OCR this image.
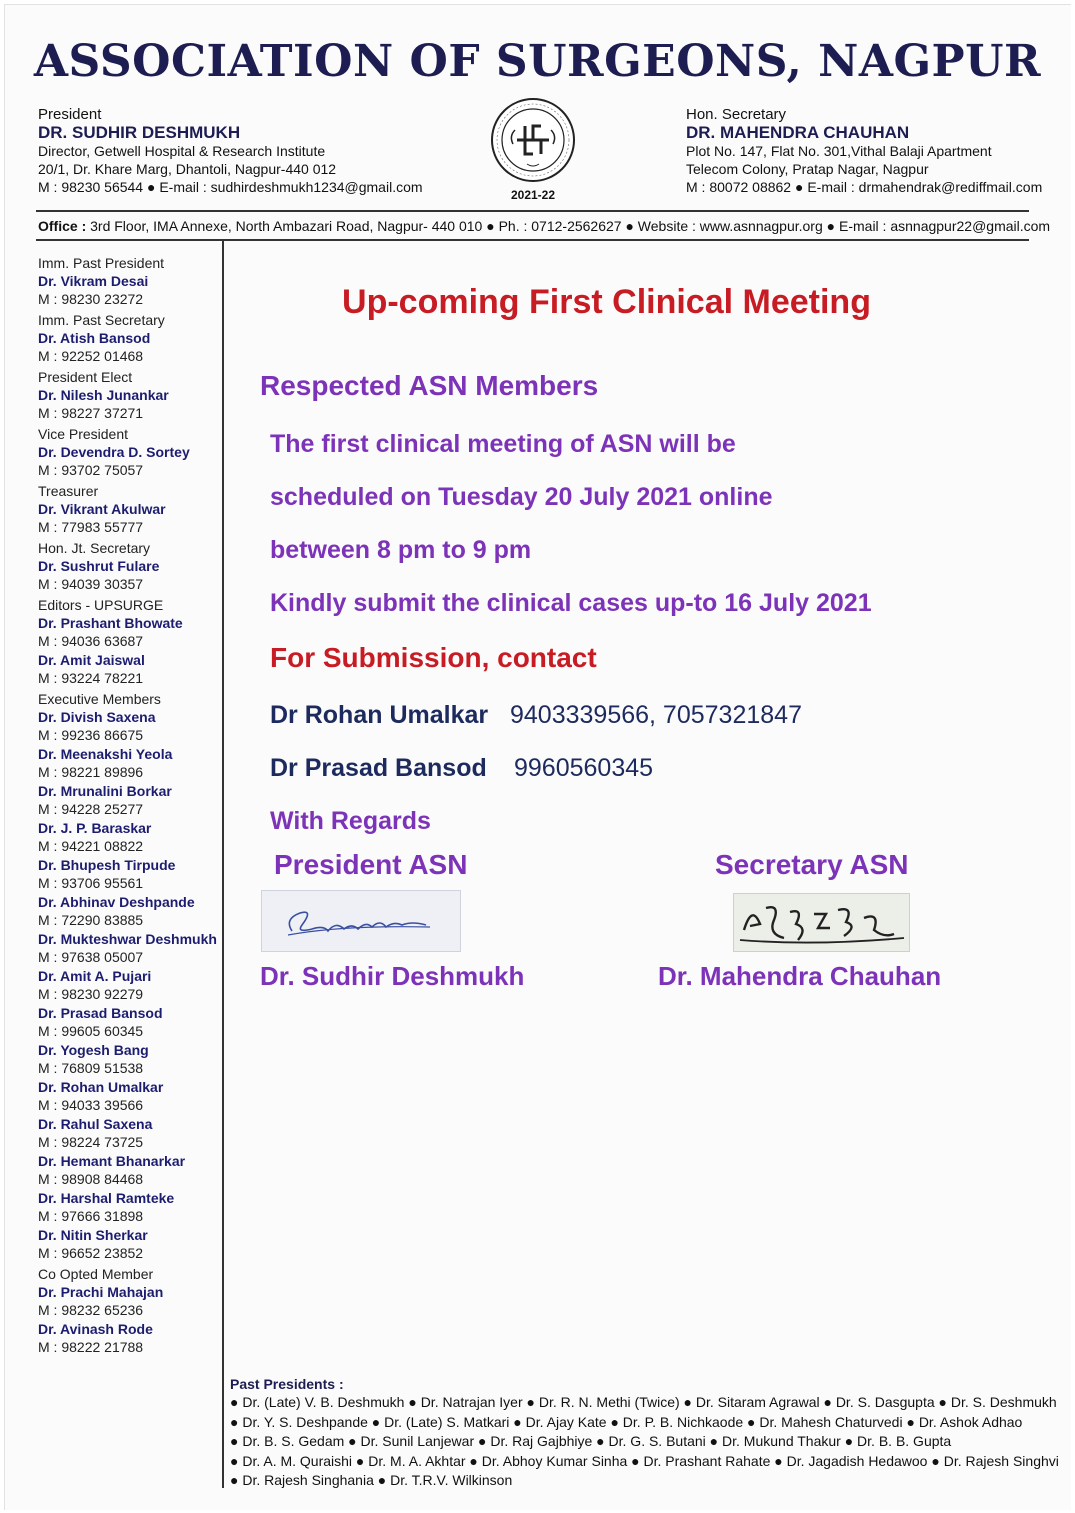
ASSOCIATION OF SURGEONS, NAGPUR
President
DR. SUDHIR DESHMUKH
Director, Getwell Hospital & Research Institute
20/1, Dr. Khare Marg, Dhantoli, Nagpur-440 012
M : 98230 56544 ● E-mail : sudhirdeshmukh1234@gmail.com	2021-22
Hon. Secretary
DR. MAHENDRA CHAUHAN
Plot No. 147, Flat No. 301,Vithal Balaji Apartment
Telecom Colony, Pratap Nagar, Nagpur
M : 80072 08862 ● E-mail : drmahendrak@rediffmail.com
Office : 3rd Floor, IMA Annexe, North Ambazari Road, Nagpur- 440 010 ● Ph. : 0712-2562627 ● Website : www.asnnagpur.org ● E-mail : asnnagpur22@gmail.com
Imm. Past President
Dr. Vikram Desai
M : 98230 23272
Imm. Past Secretary
Dr. Atish Bansod
M : 92252 01468
President Elect
Dr. Nilesh Junankar
M : 98227 37271
Vice President
Dr. Devendra D. Sortey
M : 93702 75057
Treasurer
Dr. Vikrant Akulwar
M : 77983 55777
Hon. Jt. Secretary
Dr. Sushrut Fulare
M : 94039 30357
Editors - UPSURGE
Dr. Prashant Bhowate
M : 94036 63687
Dr. Amit Jaiswal
M : 93224 78221
Executive Members
Dr. Divish Saxena
M : 99236 86675
Dr. Meenakshi Yeola
M : 98221 89896
Dr. Mrunalini Borkar
M : 94228 25277
Dr. J. P. Baraskar
M : 94221 08822
Dr. Bhupesh Tirpude
M : 93706 95561
Dr. Abhinav Deshpande
M : 72290 83885
Dr. Mukteshwar Deshmukh
M : 97638 05007
Dr. Amit A. Pujari
M : 98230 92279
Dr. Prasad Bansod
M : 99605 60345
Dr. Yogesh Bang
M : 76809 51538
Dr. Rohan Umalkar
M : 94033 39566
Dr. Rahul Saxena
M : 98224 73725
Dr. Hemant Bhanarkar
M : 98908 84468
Dr. Harshal Ramteke
M : 97666 31898
Dr. Nitin Sherkar
M : 96652 23852
Co Opted Member
Dr. Prachi Mahajan
M : 98232 65236
Dr. Avinash Rode
M : 98222 21788
Up-coming First Clinical Meeting
Respected ASN Members
The first clinical meeting of ASN will be
scheduled on Tuesday 20 July 2021 online
between 8 pm to 9 pm
Kindly submit the clinical cases up-to 16 July 2021
For Submission, contact
Dr Rohan Umalkar 9403339566, 7057321847
Dr Prasad Bansod 9960560345
With Regards
President ASN	Secretary ASN
Dr. Sudhir Deshmukh	Dr. Mahendra Chauhan
Past Presidents :
● Dr. (Late) V. B. Deshmukh ● Dr. Natrajan Iyer ● Dr. R. N. Methi (Twice) ● Dr. Sitaram Agrawal ● Dr. S. Dasgupta ● Dr. S. Deshmukh
● Dr. Y. S. Deshpande ● Dr. (Late) S. Matkari ● Dr. Ajay Kate ● Dr. P. B. Nichkaode ● Dr. Mahesh Chaturvedi ● Dr. Ashok Adhao
● Dr. B. S. Gedam ● Dr. Sunil Lanjewar ● Dr. Raj Gajbhiye ● Dr. G. S. Butani ● Dr. Mukund Thakur ● Dr. B. B. Gupta
● Dr. A. M. Quraishi ● Dr. M. A. Akhtar ● Dr. Abhoy Kumar Sinha ● Dr. Prashant Rahate ● Dr. Jagadish Hedawoo ● Dr. Rajesh Singhvi
● Dr. Rajesh Singhania ● Dr. T.R.V. Wilkinson
